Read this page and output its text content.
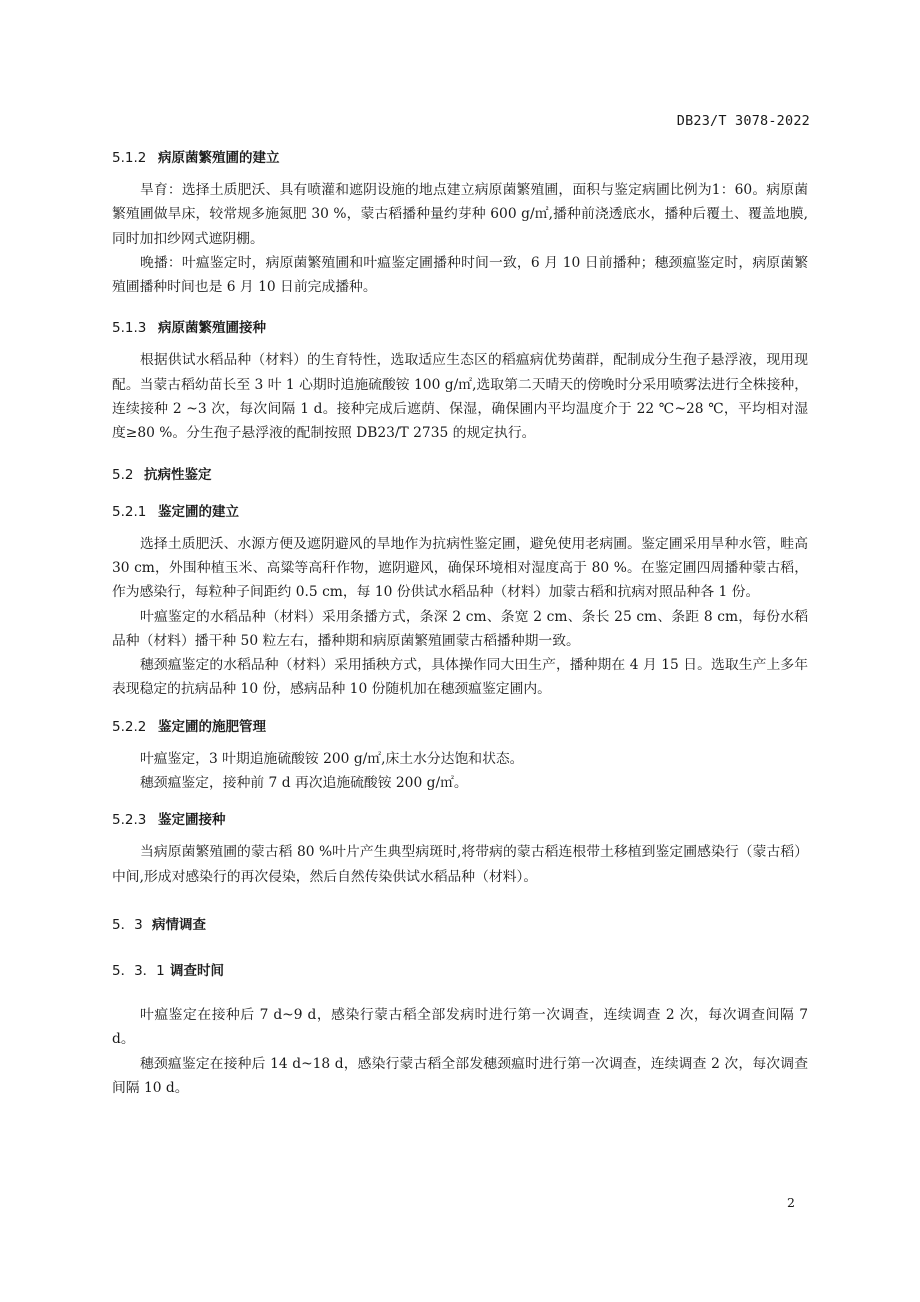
DB23/T 3078-2022
5.1.2 病原菌繁殖圃的建立

旱育：选择土质肥沃、具有喷灌和遮阴设施的地点建立病原菌繁殖圃，面积与鉴定病圃比例为1：60。病原菌繁殖圃做旱床，较常规多施氮肥 30 %，蒙古稻播种量约芽种 600 g/㎡,播种前浇透底水，播种后覆土、覆盖地膜,同时加扣纱网式遮阴棚。

晚播：叶瘟鉴定时，病原菌繁殖圃和叶瘟鉴定圃播种时间一致，6 月 10 日前播种；穗颈瘟鉴定时，病原菌繁殖圃播种时间也是 6 月 10 日前完成播种。

5.1.3 病原菌繁殖圃接种

根据供试水稻品种（材料）的生育特性，选取适应生态区的稻瘟病优势菌群，配制成分生孢子悬浮液，现用现配。当蒙古稻幼苗长至 3 叶 1 心期时追施硫酸铵 100 g/㎡,选取第二天晴天的傍晚时分采用喷雾法进行全株接种，连续接种 2 ~3 次，每次间隔 1 d。接种完成后遮荫、保湿，确保圃内平均温度介于 22 ℃~28 ℃，平均相对湿度≥80 %。分生孢子悬浮液的配制按照 DB23/T 2735 的规定执行。

5.2 抗病性鉴定
5.2.1 鉴定圃的建立

选择土质肥沃、水源方便及遮阴避风的旱地作为抗病性鉴定圃，避免使用老病圃。鉴定圃采用旱种水管，畦高 30 cm，外围种植玉米、高粱等高秆作物，遮阴避风，确保环境相对湿度高于 80 %。在鉴定圃四周播种蒙古稻，作为感染行，每粒种子间距约 0.5 cm，每 10 份供试水稻品种（材料）加蒙古稻和抗病对照品种各 1 份。

叶瘟鉴定的水稻品种（材料）采用条播方式，条深 2 cm、条宽 2 cm、条长 25 cm、条距 8 cm，每份水稻品种（材料）播干种 50 粒左右，播种期和病原菌繁殖圃蒙古稻播种期一致。

穗颈瘟鉴定的水稻品种（材料）采用插秧方式，具体操作同大田生产，播种期在 4 月 15 日。选取生产上多年表现稳定的抗病品种 10 份，感病品种 10 份随机加在穗颈瘟鉴定圃内。

5.2.2 鉴定圃的施肥管理

叶瘟鉴定，3 叶期追施硫酸铵 200 g/㎡,床土水分达饱和状态。

穗颈瘟鉴定，接种前 7 d 再次追施硫酸铵 200 g/㎡。

5.2.3 鉴定圃接种

当病原菌繁殖圃的蒙古稻 80 %叶片产生典型病斑时,将带病的蒙古稻连根带土移植到鉴定圃感染行（蒙古稻）中间,形成对感染行的再次侵染，然后自然传染供试水稻品种（材料）。

5．3 病情调查
5．3．1 调查时间

叶瘟鉴定在接种后 7 d~9 d，感染行蒙古稻全部发病时进行第一次调查，连续调查 2 次，每次调查间隔 7 d。

穗颈瘟鉴定在接种后 14 d~18 d，感染行蒙古稻全部发穗颈瘟时进行第一次调查，连续调查 2 次，每次调查间隔 10 d。

2
